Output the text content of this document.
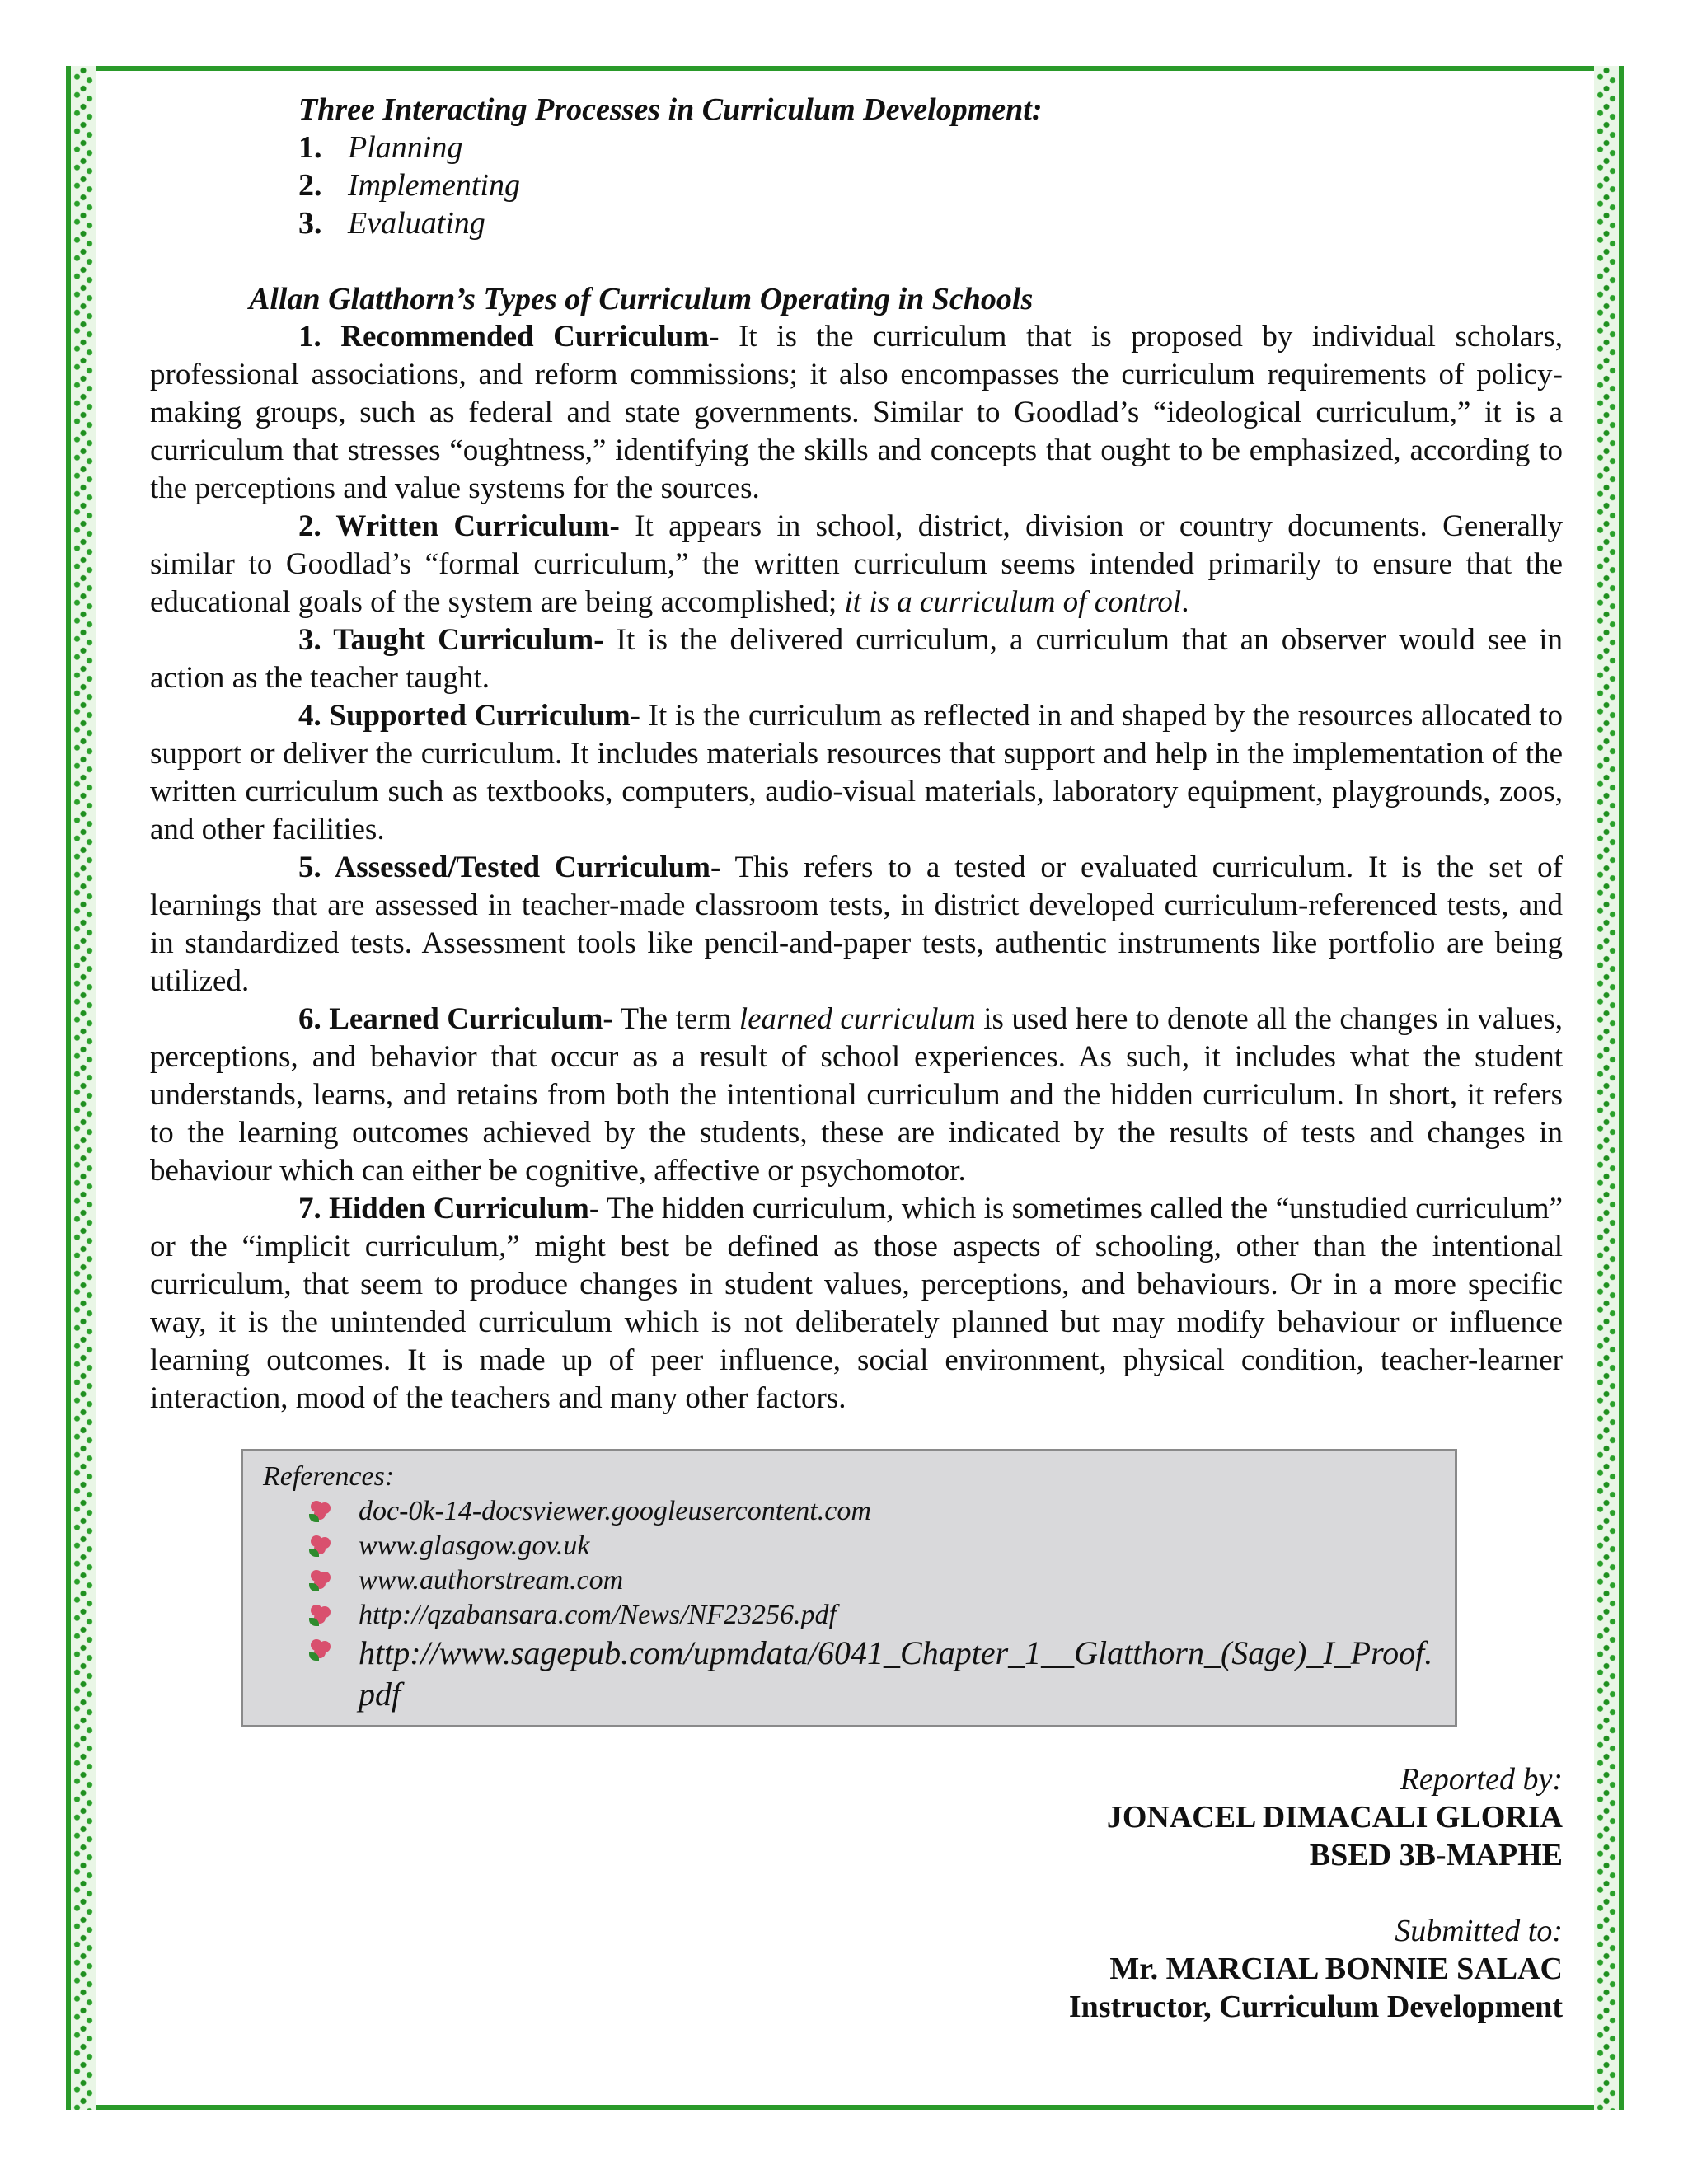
Three Interacting Processes in Curriculum Development:
1. Planning
2. Implementing
3. Evaluating
Allan Glatthorn’s Types of Curriculum Operating in Schools

1. Recommended Curriculum- It is the curriculum that is proposed by individual scholars, professional associations, and reform commissions; it also encompasses the curriculum requirements of policy-making groups, such as federal and state governments. Similar to Goodlad’s “ideological curriculum,” it is a curriculum that stresses “oughtness,” identifying the skills and concepts that ought to be emphasized, according to the perceptions and value systems for the sources.

2. Written Curriculum- It appears in school, district, division or country documents. Generally similar to Goodlad’s “formal curriculum,” the written curriculum seems intended primarily to ensure that the educational goals of the system are being accomplished; it is a curriculum of control.

3. Taught Curriculum- It is the delivered curriculum, a curriculum that an observer would see in action as the teacher taught.

4. Supported Curriculum- It is the curriculum as reflected in and shaped by the resources allocated to support or deliver the curriculum. It includes materials resources that support and help in the implementation of the written curriculum such as textbooks, computers, audio-visual materials, laboratory equipment, playgrounds, zoos, and other facilities.

5. Assessed/Tested Curriculum- This refers to a tested or evaluated curriculum. It is the set of learnings that are assessed in teacher-made classroom tests, in district developed curriculum-referenced tests, and in standardized tests. Assessment tools like pencil-and-paper tests, authentic instruments like portfolio are being utilized.

6. Learned Curriculum- The term learned curriculum is used here to denote all the changes in values, perceptions, and behavior that occur as a result of school experiences. As such, it includes what the student understands, learns, and retains from both the intentional curriculum and the hidden curriculum. In short, it refers to the learning outcomes achieved by the students, these are indicated by the results of tests and changes in behaviour which can either be cognitive, affective or psychomotor.

7. Hidden Curriculum- The hidden curriculum, which is sometimes called the “unstudied curriculum” or the “implicit curriculum,” might best be defined as those aspects of schooling, other than the intentional curriculum, that seem to produce changes in student values, perceptions, and behaviours. Or in a more specific way, it is the unintended curriculum which is not deliberately planned but may modify behaviour or influence learning outcomes. It is made up of peer influence, social environment, physical condition, teacher-learner interaction, mood of the teachers and many other factors.

References:
doc-0k-14-docsviewer.googleusercontent.com
www.glasgow.gov.uk
www.authorstream.com
http://qzabansara.com/News/NF23256.pdf
http://www.sagepub.com/upmdata/6041_Chapter_1__Glatthorn_(Sage)_I_Proof.pdf
Reported by:
JONACEL DIMACALI GLORIA
BSED 3B-MAPHE
Submitted to:
Mr. MARCIAL BONNIE SALAC
Instructor, Curriculum Development
